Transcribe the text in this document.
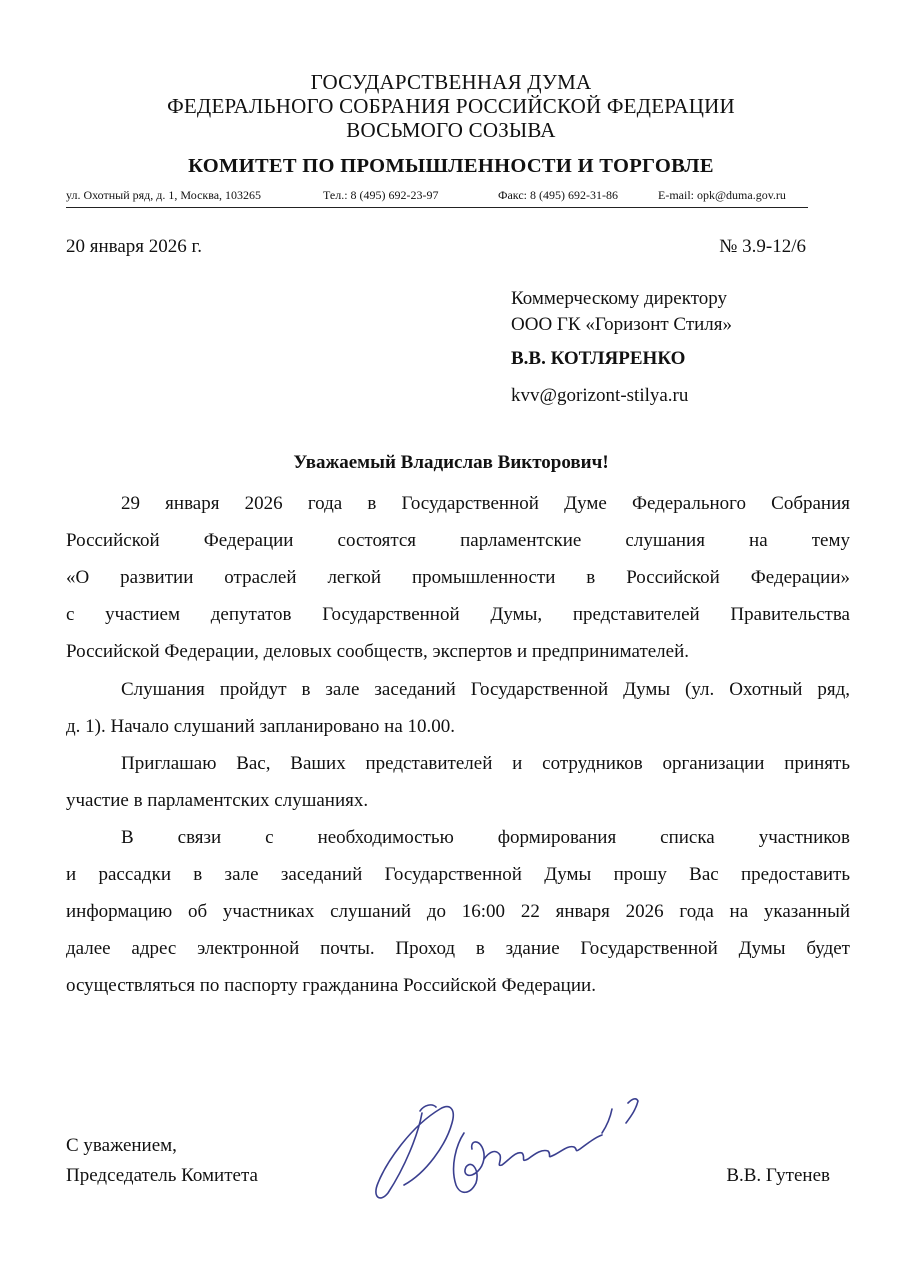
ГОСУДАРСТВЕННАЯ ДУМА
ФЕДЕРАЛЬНОГО СОБРАНИЯ РОССИЙСКОЙ ФЕДЕРАЦИИ
ВОСЬМОГО СОЗЫВА
КОМИТЕТ ПО ПРОМЫШЛЕННОСТИ И ТОРГОВЛЕ
ул. Охотный ряд, д. 1, Москва, 103265	Тел.: 8 (495) 692-23-97	Факс: 8 (495) 692-31-86	E-mail: opk@duma.gov.ru
20 января 2026 г.	№ 3.9-12/6
Коммерческому директору
ООО ГК «Горизонт Стиля»
В.В. КОТЛЯРЕНКО
kvv@gorizont-stilya.ru
Уважаемый Владислав Викторович!
29 января 2026 года в Государственной Думе Федерального Собрания
Российской Федерации состоятся парламентские слушания на тему
«О развитии отраслей легкой промышленности в Российской Федерации»
с участием депутатов Государственной Думы, представителей Правительства
Российской Федерации, деловых сообществ, экспертов и предпринимателей.
Слушания пройдут в зале заседаний Государственной Думы (ул. Охотный ряд,
д. 1). Начало слушаний запланировано на 10.00.
Приглашаю Вас, Ваших представителей и сотрудников организации принять
участие в парламентских слушаниях.
В связи с необходимостью формирования списка участников
и рассадки в зале заседаний Государственной Думы прошу Вас предоставить
информацию об участниках слушаний до 16:00 22 января 2026 года на указанный
далее адрес электронной почты. Проход в здание Государственной Думы будет
осуществляться по паспорту гражданина Российской Федерации.
С уважением,
Председатель Комитета	В.В. Гутенев
